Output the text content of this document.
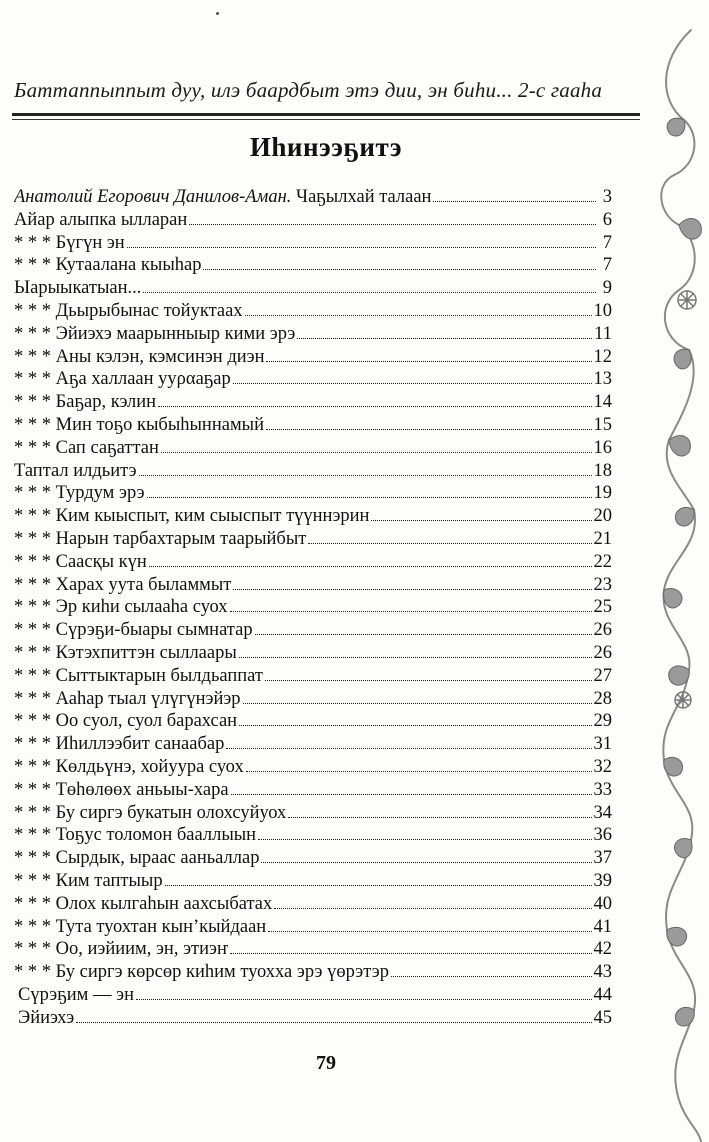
Баттаппыппыт дуу, илэ баардбыт этэ дии, эн биhи... 2-с гааhа
Иhинээҕитэ
Анатолий Егорович Данилов-Аман. Чаҕылхай талаан	3
Айар алыпка ылларан	6
* * * Бүгүн эн	7
* * * Кутаалана кыыhар	7
Ыарыыкатыан...	9
* * * Дьырыбынас тойуктаах	10
* * * Эйиэхэ маарынныыр кими эрэ	11
* * * Аны кэлэн, кэмсинэн диэн	12
* * * Аҕа халлаан ууραаҕар	13
* * * Баҕар, кэлин	14
* * * Мин тоҕо кыбыhыннамый	15
* * * Сап саҕаттан	16
Таптал илдьитэ	18
* * * Турдум эрэ	19
* * * Ким кыыспыт, ким сыыспыт түүннэрин	20
* * * Нарын тарбахтарым таарыйбыт	21
* * * Саасқы күн	22
* * * Харах уута быламмыт	23
* * * Эр киhи сылааhа суох	25
* * * Сүрэҕи-быары сымнатар	26
* * * Кэтэхпиттэн сыллаары	26
* * * Сыттыктарын былдьаппат	27
* * * Ааhар тыал үлүгүнэйэр	28
* * * Оо суол, суол барахсан	29
* * * Иhиллээбит санаабар	31
* * * Көлдьүнэ, хойуура суох	32
* * * Төhөлөөх аньыы-хара	33
* * * Бу сиргэ букатын олохсуйуох	34
* * * Тоҕус толомон бааллыын	36
* * * Сырдык, ыраас ааньаллар	37
* * * Ким таптыыр	39
* * * Олох кылгаhын аахсыбатах	40
* * * Тута туохтан кынʼкыйдаан	41
* * * Оо, иэйиим, эн, этиэҥ	42
* * * Бу сиргэ көрсөр киhим туохха эрэ үөрэтэр	43
Сүрэҕим — эн	44
Эйиэхэ	45
79
